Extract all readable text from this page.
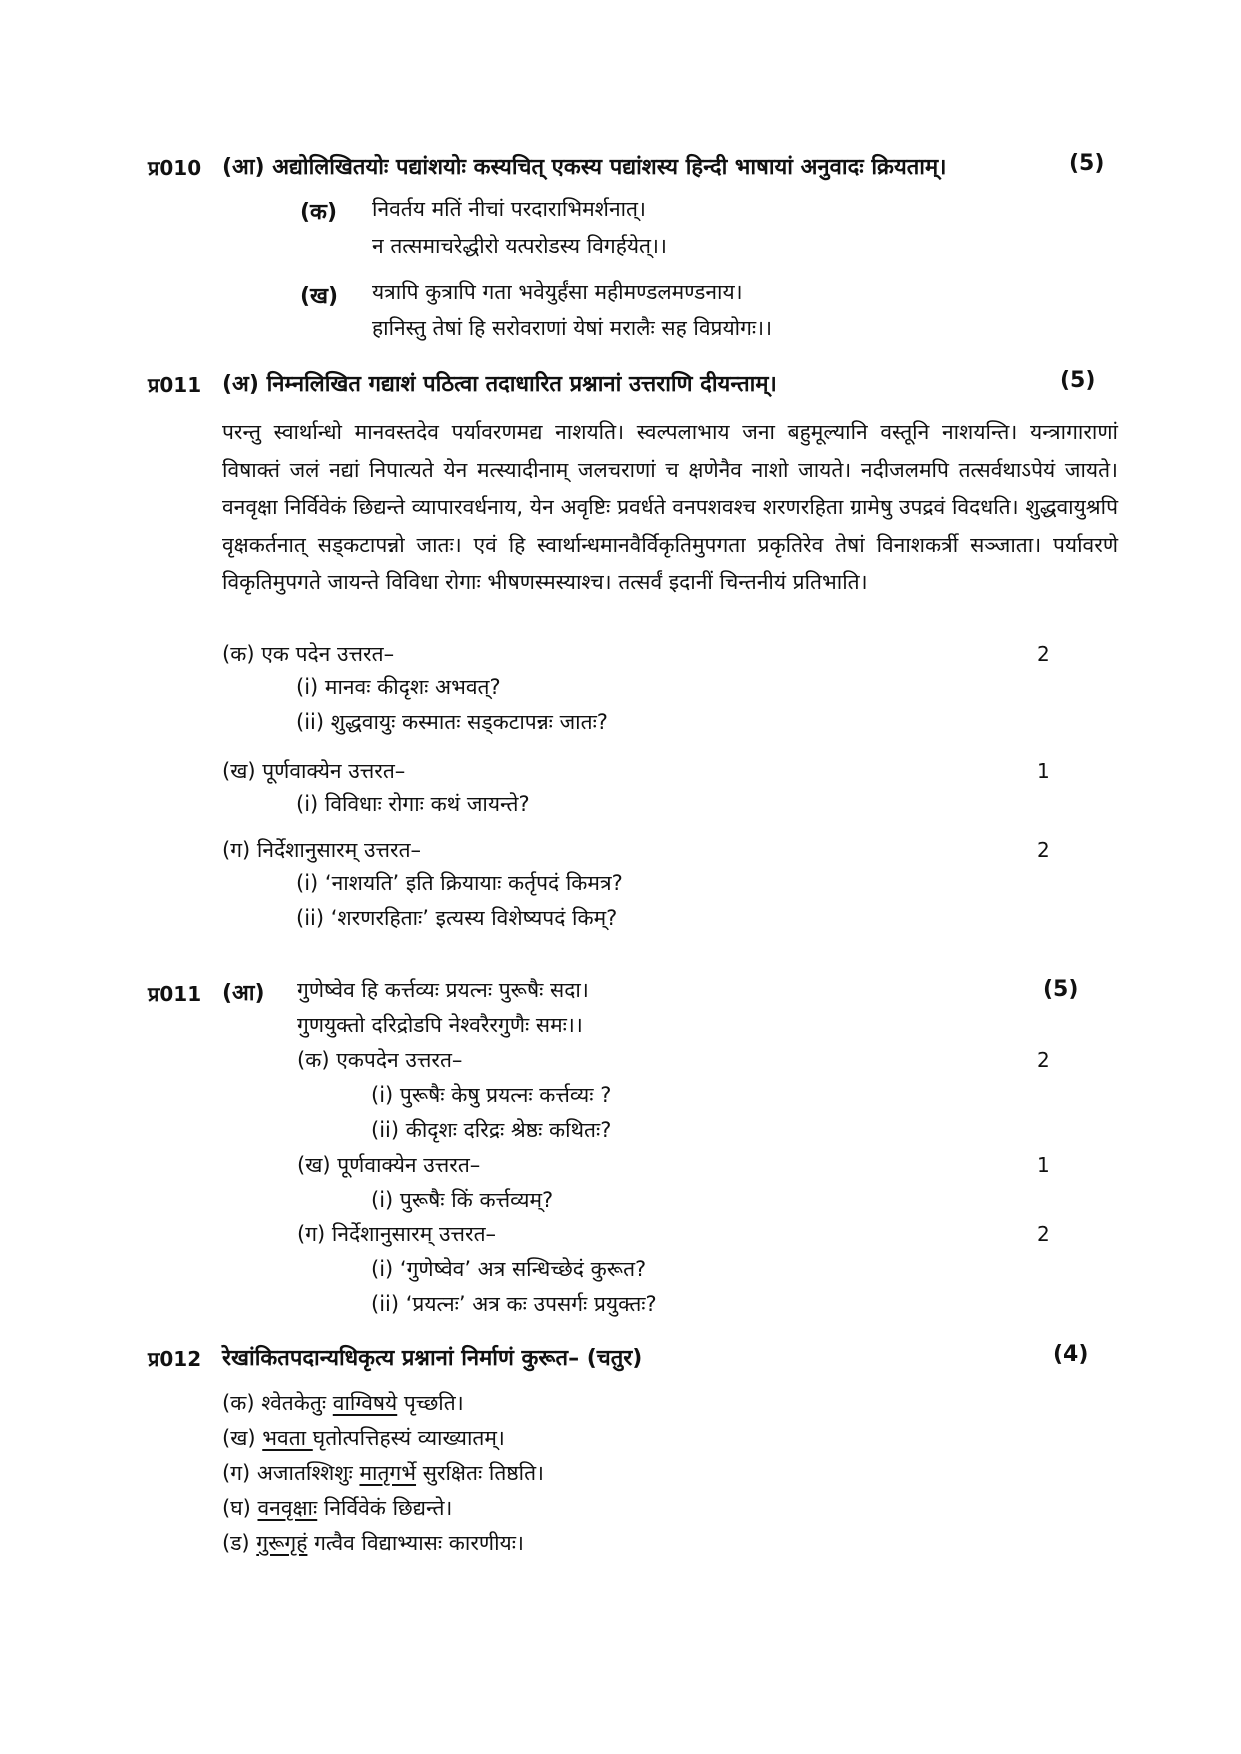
प्र010 (आ) अद्योलिखितयोः पद्यांशयोः कस्यचित् एकस्य पद्यांशस्य हिन्दी भाषायां अनुवादः क्रियताम्।	(5)
(क) निवर्तय मतिं नीचां परदाराभिमर्शनात्।
न तत्समाचरेद्धीरो यत्परोडस्य विगर्हयेत्।।
(ख) यत्रापि कुत्रापि गता भवेयुर्हंसा महीमण्डलमण्डनाय।
हानिस्तु तेषां हि सरोवराणां येषां मरालैः सह विप्रयोगः।।
प्र011 (अ) निम्नलिखित गद्याशं पठित्वा तदाधारित प्रश्नानां उत्तराणि दीयन्ताम्।	(5)
परन्तु स्वार्थान्धो मानवस्तदेव पर्यावरणमद्य नाशयति। स्वल्पलाभाय जना बहुमूल्यानि वस्तूनि नाशयन्ति। यन्त्रागाराणां विषाक्तं जलं नद्यां निपात्यते येन मत्स्यादीनाम् जलचराणां च क्षणेनैव नाशो जायते। नदीजलमपि तत्सर्वथाऽपेयं जायते। वनवृक्षा निर्विवेकं छिद्यन्ते व्यापारवर्धनाय, येन अवृष्टिः प्रवर्धते वनपशवश्च शरणरहिता ग्रामेषु उपद्रवं विदधति। शुद्धवायुश्रपि वृक्षकर्तनात् सड्कटापन्नो जातः। एवं हि स्वार्थान्धमानवैर्विकृतिमुपगता प्रकृतिरेव तेषां विनाशकर्त्री सञ्जाता। पर्यावरणे विकृतिमुपगते जायन्ते विविधा रोगाः भीषणस्मस्याश्च। तत्सर्वं इदानीं चिन्तनीयं प्रतिभाति।
(क) एक पदेन उत्तरत–	2
(i) मानवः कीदृशः अभवत्?
(ii) शुद्धवायुः कस्मातः सड्कटापन्नः जातः?
(ख) पूर्णवाक्येन उत्तरत–	1
(i) विविधाः रोगाः कथं जायन्ते?
(ग) निर्देशानुसारम् उत्तरत–	2
(i) ‘नाशयति’ इति क्रियायाः कर्तृपदं किमत्र?
(ii) ‘शरणरहिताः’ इत्यस्य विशेष्यपदं किम्?
प्र011 (आ)	(5)
गुणेष्वेव हि कर्त्तव्यः प्रयत्नः पुरूषैः सदा।
गुणयुक्तो दरिद्रोडपि नेश्वरैरगुणैः समः।।
(क) एकपदेन उत्तरत–	2
(i) पुरूषैः केषु प्रयत्नः कर्त्तव्यः ?
(ii) कीदृशः दरिद्रः श्रेष्ठः कथितः?
(ख) पूर्णवाक्येन उत्तरत–	1
(i) पुरूषैः किं कर्त्तव्यम्?
(ग) निर्देशानुसारम् उत्तरत–	2
(i) ‘गुणेष्वेव’ अत्र सन्धिच्छेदं कुरूत?
(ii) ‘प्रयत्नः’ अत्र कः उपसर्गः प्रयुक्तः?
प्र012 रेखांकितपदान्यधिकृत्य प्रश्नानां निर्माणं कुरूत– (चतुर)	(4)
(क) श्वेतकेतुः वाग्विषये पृच्छति।
(ख) भवता घृतोत्पत्तिहस्यं व्याख्यातम्।
(ग) अजातश्शिशुः मातृगर्भे सुरक्षितः तिष्ठति।
(घ) वनवृक्षाः निर्विवेकं छिद्यन्ते।
(ड) गुरूगृहं गत्वैव विद्याभ्यासः कारणीयः।
